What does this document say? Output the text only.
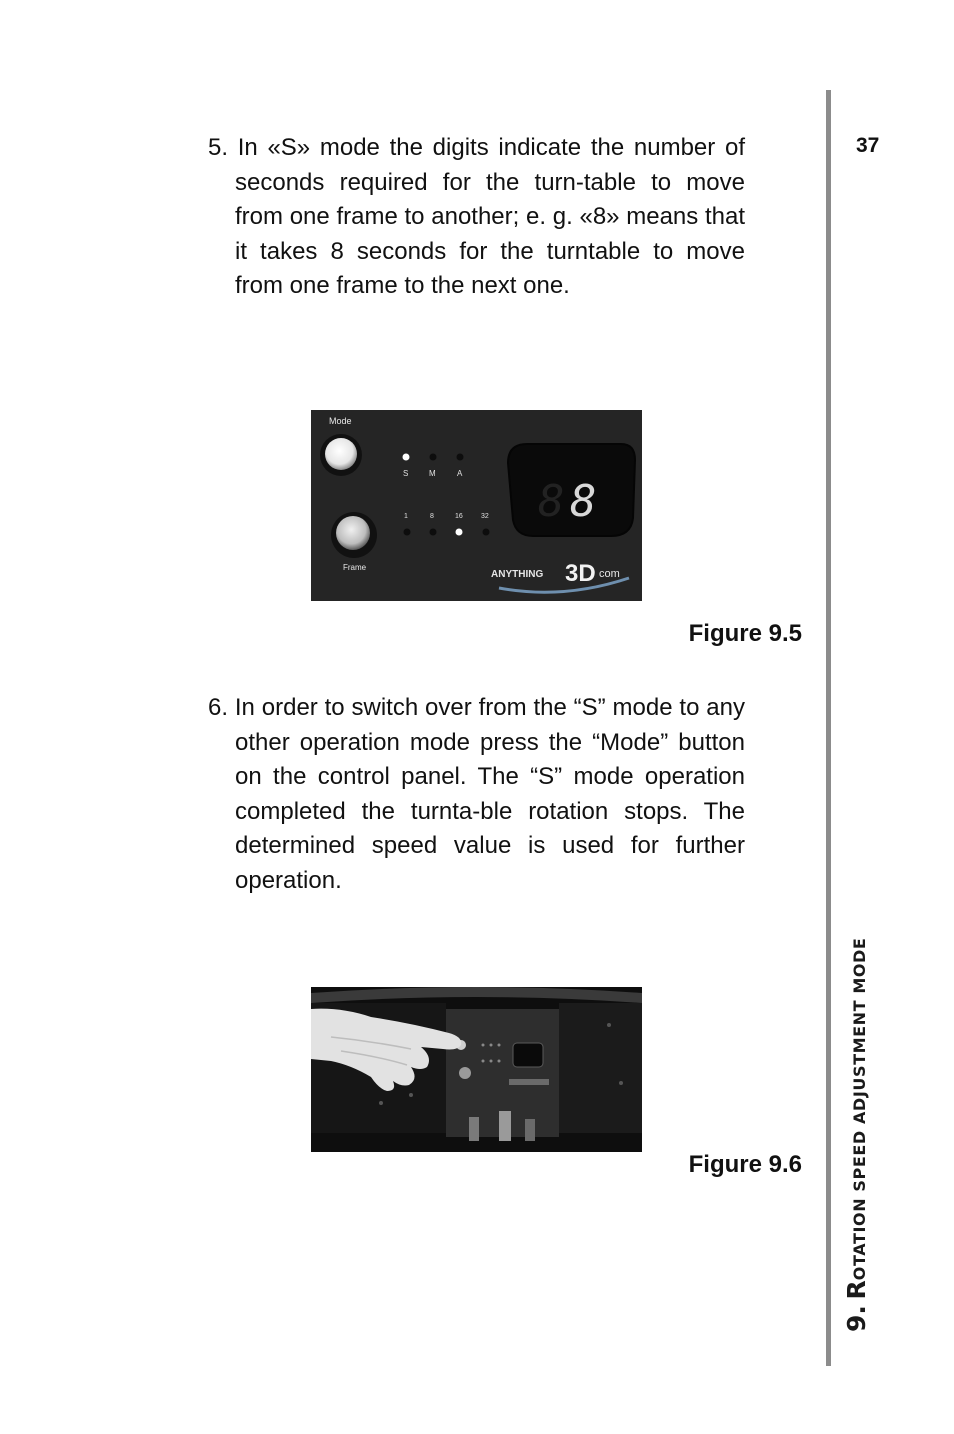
37
9. ROTATION SPEED ADJUSTMENT MODE

5. In «S» mode the digits indicate the number of seconds required for the turn-table to move from one frame to another; e. g. «8» means that it takes 8 seconds for the turntable to move from one frame to the next one.

Mode
Frame
S	M	A
1	8	16	32 8 8
ANYTHING 3D com
Figure 9.5

6. In order to switch over from the “S” mode to any other operation mode press the “Mode” button on the control panel. The “S” mode operation completed the turnta-ble rotation stops. The determined speed value is used for further operation.

Figure 9.6
